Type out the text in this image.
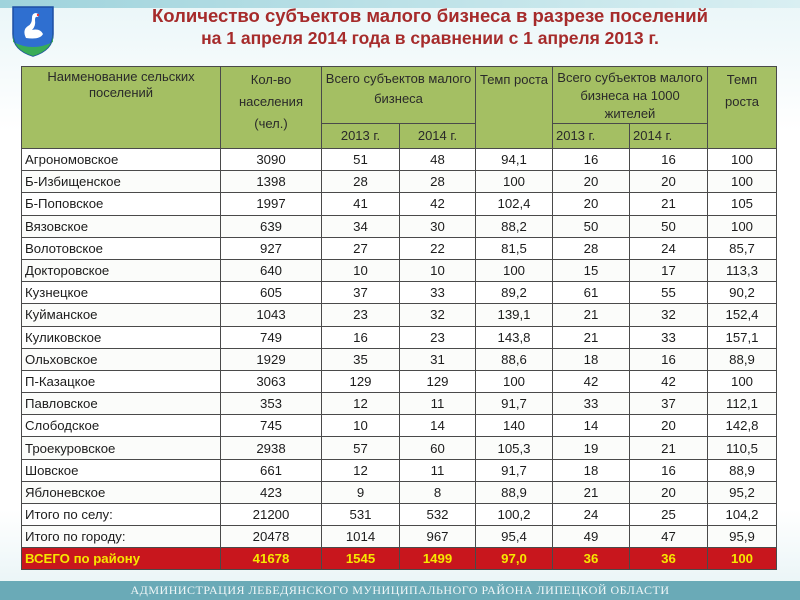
Количество субъектов малого бизнеса в разрезе поселений
на 1 апреля 2014 года в сравнении с 1 апреля 2013 г.
Наименование сельских поселений	Кол-во населения (чел.)	Всего субъектов малого бизнеса		Темп роста	Всего субъектов малого бизнеса на 1000 жителей		Темп роста
		2013 г.	2014 г.		2013 г.	2014 г.	
Агрономовское	3090	51	48	94,1	16	16	100
Б-Избищенское	1398	28	28	100	20	20	100
Б-Поповское	1997	41	42	102,4	20	21	105
Вязовское	639	34	30	88,2	50	50	100
Волотовское	927	27	22	81,5	28	24	85,7
Докторовское	640	10	10	100	15	17	113,3
Кузнецкое	605	37	33	89,2	61	55	90,2
Куйманское	1043	23	32	139,1	21	32	152,4
Куликовское	749	16	23	143,8	21	33	157,1
Ольховское	1929	35	31	88,6	18	16	88,9
П-Казацкое	3063	129	129	100	42	42	100
Павловское	353	12	11	91,7	33	37	112,1
Слободское	745	10	14	140	14	20	142,8
Троекуровское	2938	57	60	105,3	19	21	110,5
Шовское	661	12	11	91,7	18	16	88,9
Яблоневское	423	9	8	88,9	21	20	95,2
Итого по селу:	21200	531	532	100,2	24	25	104,2
Итого по городу:	20478	1014	967	95,4	49	47	95,9
ВСЕГО по району	41678	1545	1499	97,0	36	36	100
АДМИНИСТРАЦИЯ ЛЕБЕДЯНСКОГО МУНИЦИПАЛЬНОГО РАЙОНА ЛИПЕЦКОЙ ОБЛАСТИ
